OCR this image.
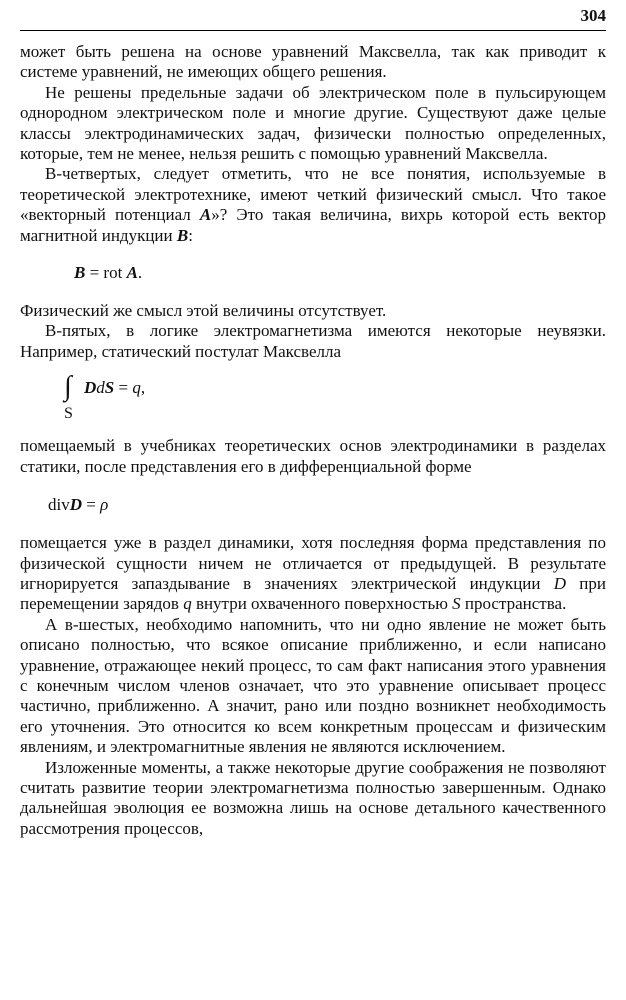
304

может быть решена на основе уравнений Максвелла, так как приводит к системе уравнений, не имеющих общего решения.

Не решены предельные задачи об электрическом поле в пульсирующем однородном электрическом поле и многие другие. Существуют даже целые классы электродинамических задач, физически полностью определенных, которые, тем не менее, нельзя решить с помощью уравнений Максвелла.

В-четвертых, следует отметить, что не все понятия, используемые в теоретической электротехнике, имеют четкий физический смысл. Что такое «векторный потенциал A»? Это такая величина, вихрь которой есть вектор магнитной индукции B:

B = rot A.

Физический же смысл этой величины отсутствует.

В-пятых, в логике электромагнетизма имеются некоторые неувязки. Например, статический постулат Максвелла

∫ DdS = q,
S

помещаемый в учебниках теоретических основ электродинамики в разделах статики, после представления его в дифференциальной форме

divD = ρ

помещается уже в раздел динамики, хотя последняя форма представления по физической сущности ничем не отличается от предыдущей. В результате игнорируется запаздывание в значениях электрической индукции D при перемещении зарядов q внутри охваченного поверхностью S пространства.

А в-шестых, необходимо напомнить, что ни одно явление не может быть описано полностью, что всякое описание приближенно, и если написано уравнение, отражающее некий процесс, то сам факт написания этого уравнения с конечным числом членов означает, что это уравнение описывает процесс частично, приближенно. А значит, рано или поздно возникнет необходимость его уточнения. Это относится ко всем конкретным процессам и физическим явлениям, и электромагнитные явления не являются исключением.

Изложенные моменты, а также некоторые другие соображения не позволяют считать развитие теории электромагнетизма полностью завершенным. Однако дальнейшая эволюция ее возможна лишь на основе детального качественного рассмотрения процессов,
